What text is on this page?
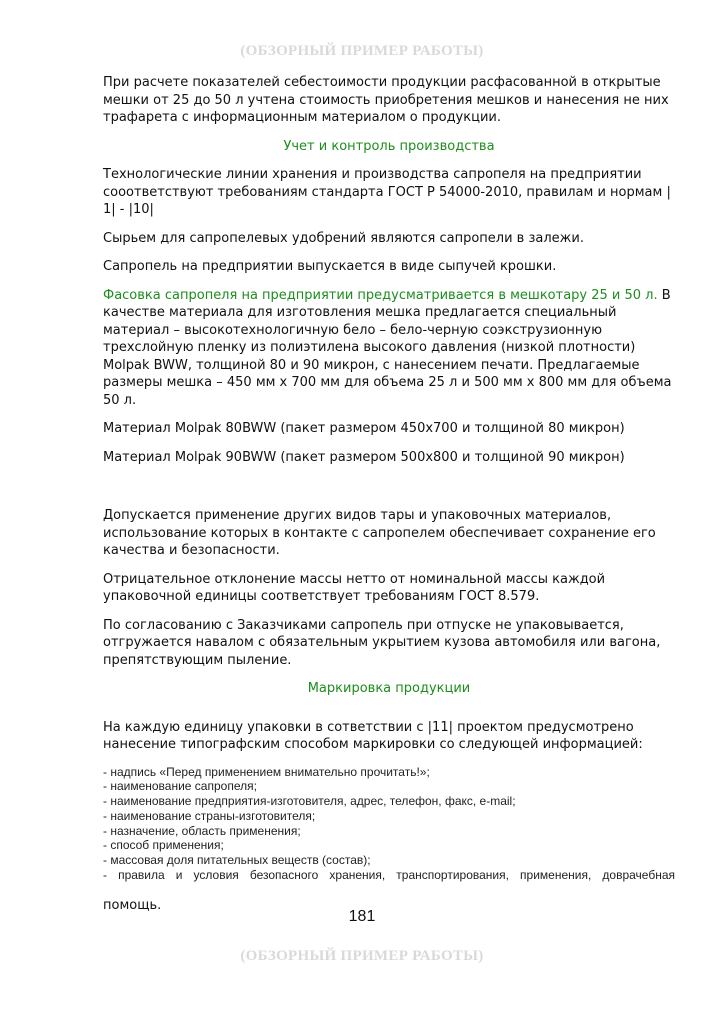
(ОБЗОРНЫЙ ПРИМЕР РАБОТЫ)

При расчете показателей себестоимости продукции расфасованной в открытые мешки от 25 до 50 л учтена стоимость приобретения мешков и нанесения не них трафарета с информационным материалом о продукции.

Учет и контроль производства

Технологические линии хранения и производства сапропеля на предприятии сооответствуют требованиям стандарта ГОСТ Р 54000-2010, правилам и нормам | 1| - |10|

Сырьем для сапропелевых удобрений являются сапропели в залежи.

Сапропель на предприятии выпускается в виде сыпучей крошки.

Фасовка сапропеля на предприятии предусматривается в мешкотару 25 и 50 л. В качестве материала для изготовления мешка предлагается специальный материал – высокотехнологичную бело – бело-черную соэкструзионную трехслойную пленку из полиэтилена высокого давления (низкой плотности) Molpak BWW, толщиной 80 и 90 микрон, с нанесением печати. Предлагаемые размеры мешка – 450 мм х 700 мм для объема 25 л и 500 мм х 800 мм для объема 50 л.

Материал Molpak 80BWW (пакет размером 450х700 и толщиной 80 микрон)

Материал Molpak 90BWW (пакет размером 500х800 и толщиной 90 микрон)

Допускается применение других видов тары и упаковочных материалов, использование которых в контакте с сапропелем обеспечивает сохранение его качества и безопасности.

Отрицательное отклонение массы нетто от номинальной массы каждой упаковочной единицы соответствует требованиям ГОСТ 8.579.

По согласованию с Заказчиками сапропель при отпуске не упаковывается, отгружается навалом с обязательным укрытием кузова автомобиля или вагона, препятствующим пыление.

Маркировка продукции

На каждую единицу упаковки в сответствии с |11| проектом предусмотрено нанесение типографским способом маркировки со следующей информацией:

- надпись «Перед применением внимательно прочитать!»;
- наименование сапропеля;
- наименование предприятия-изготовителя, адрес, телефон, факс, e-mail;
- наименование страны-изготовителя;
- назначение, область применения;
- способ применения;
- массовая доля питательных веществ (состав);
- правила и условия безопасного хранения, транспортирования, применения, доврачебная

помощь.

181
(ОБЗОРНЫЙ ПРИМЕР РАБОТЫ)
